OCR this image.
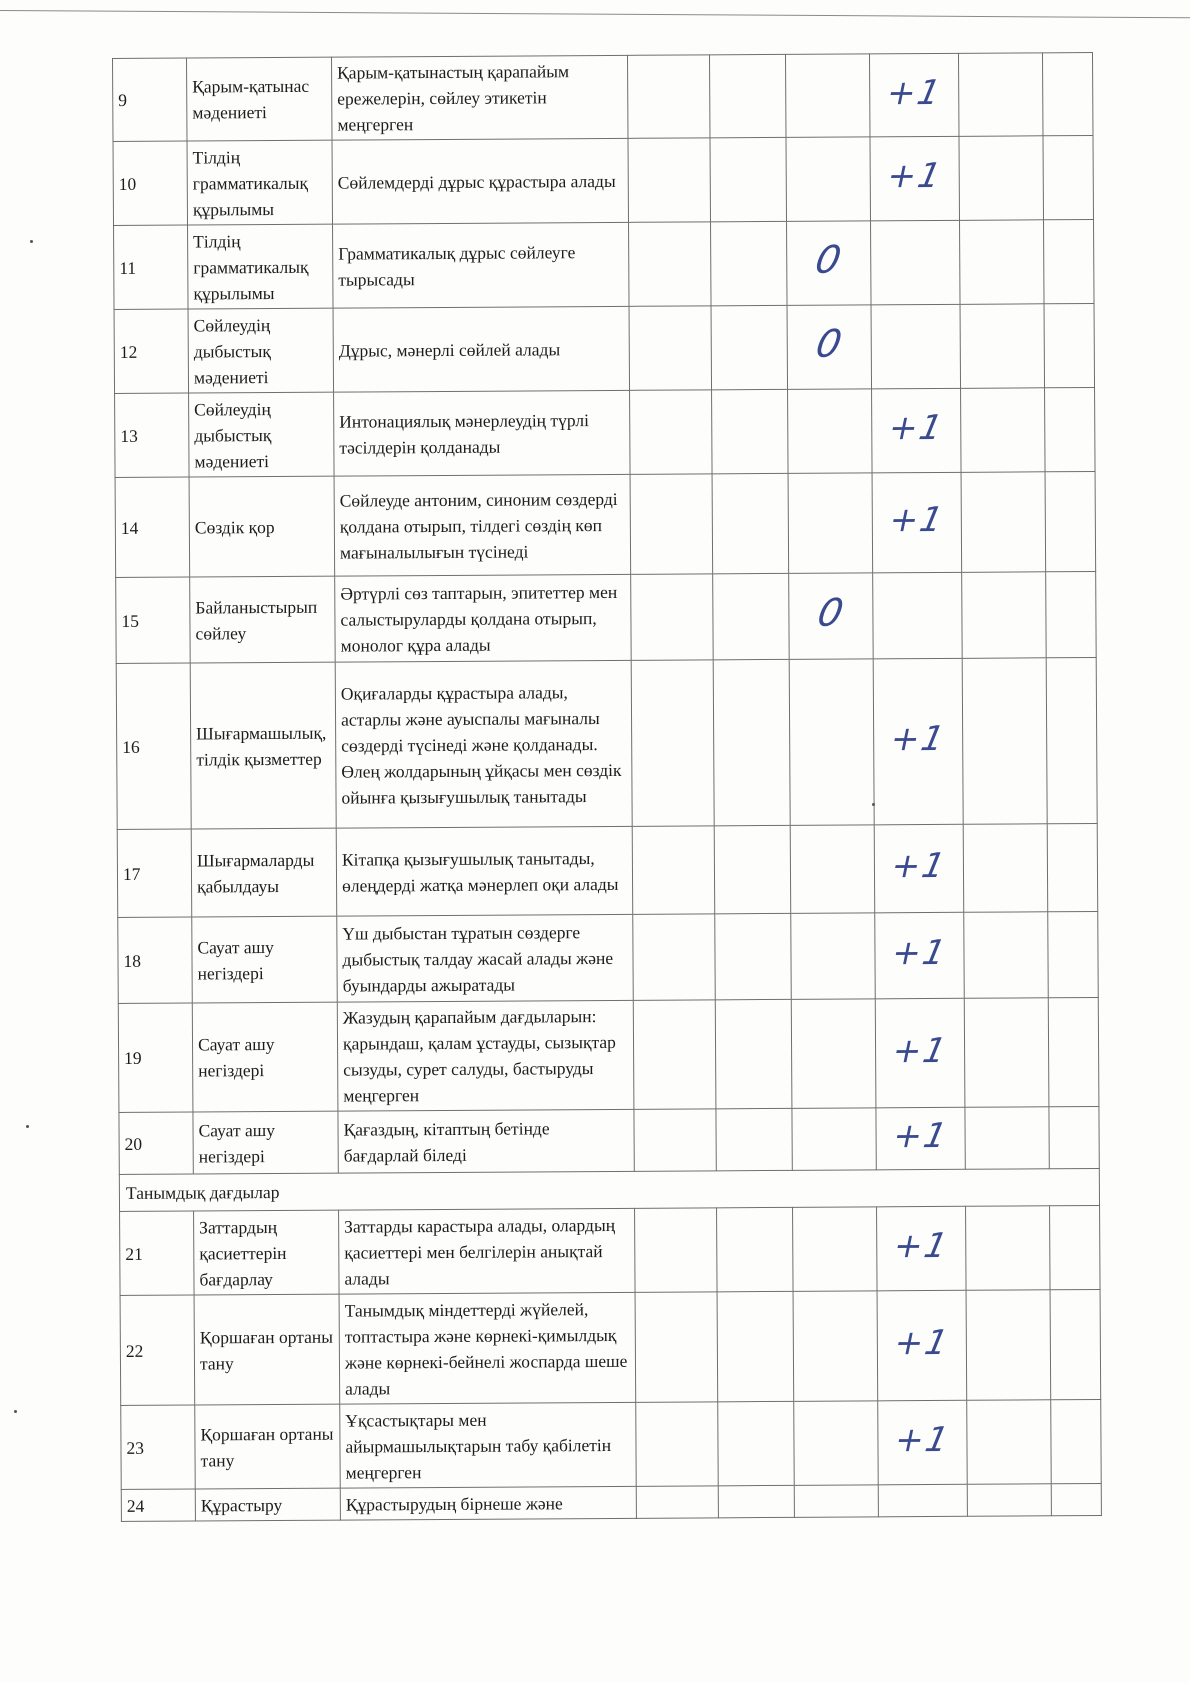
9	Қарым-қатынас мәдениеті	Қарым-қатынастың қарапайым ережелерін, сөйлеу этикетін меңгерген				+1		
10	Тілдің грамматикалық құрылымы	Сөйлемдерді дұрыс құрастыра алады				+1		
11	Тілдің грамматикалық құрылымы	Грамматикалық дұрыс сөйлеуге тырысады			0			
12	Сөйлеудің дыбыстық мәдениеті	Дұрыс, мәнерлі сөйлей алады			0			
13	Сөйлеудің дыбыстық мәдениеті	Интонациялық мәнерлеудің түрлі тәсілдерін қолданады				+1		
14	Сөздік қор	Сөйлеуде антоним, синоним сөздерді қолдана отырып, тілдегі сөздің көп мағыналылығын түсінеді				+1		
15	Байланыстырып сөйлеу	Әртүрлі сөз таптарын, эпитеттер мен салыстыруларды қолдана отырып, монолог құра алады			0			
16	Шығармашылық, тілдік қызметтер	Оқиғаларды құрастыра алады, астарлы және ауыспалы мағыналы сөздерді түсінеді және қолданады. Өлең жолдарының ұйқасы мен сөздік ойынға қызығушылық танытады				+1		
17	Шығармаларды қабылдауы	Кітапқа қызығушылық танытады, өлеңдерді жатқа мәнерлеп оқи алады				+1		
18	Сауат ашу негіздері	Үш дыбыстан тұратын сөздерге дыбыстық талдау жасай алады және буындарды ажыратады				+1		
19	Сауат ашу негіздері	Жазудың қарапайым дағдыларын: қарындаш, қалам ұстауды, сызықтар сызуды, сурет салуды, бастыруды меңгерген				+1		
20	Сауат ашу негіздері	Қағаздың, кітаптың бетінде бағдарлай біледі				+1		
Танымдық дағдылар								
21	Заттардың қасиеттерін бағдарлау	Заттарды карастыра алады, олардың қасиеттері мен белгілерін анықтай алады				+1		
22	Қоршаған ортаны тану	Танымдық міндеттерді жүйелей, топтастыра және көрнекі-қимылдық және көрнекі-бейнелі жоспарда шеше алады				+1		
23	Қоршаған ортаны тану	Ұқсастықтары мен айырмашылықтарын табу қабілетін меңгерген				+1		
24	Құрастыру	Құрастырудың бірнеше және						
